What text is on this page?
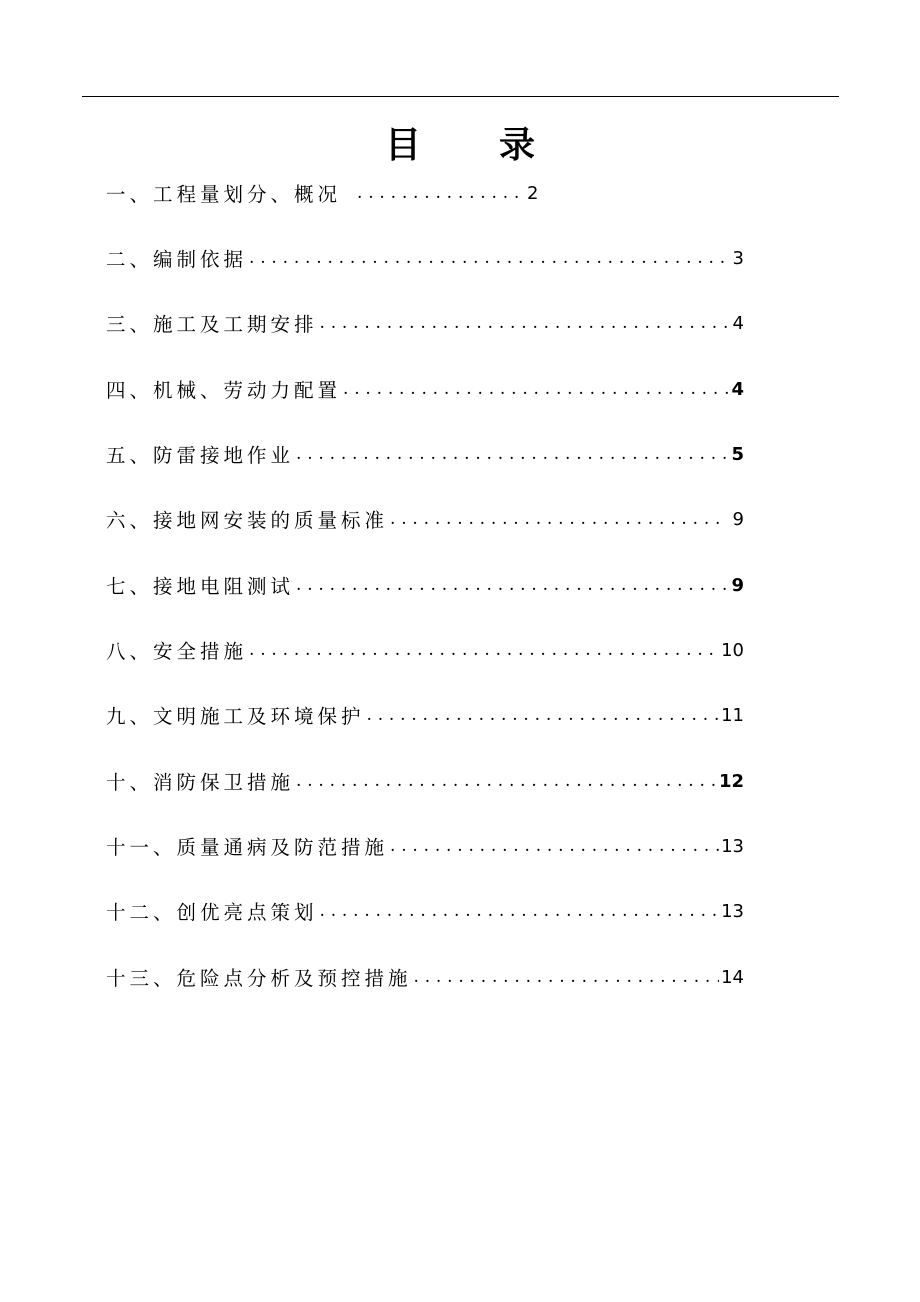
目 录
一、工程量划分、概况 . . .	2
二、编制依据 . . .	3
三、施工及工期安排 . . .	4
四、机械、劳动力配置 . . .	4
五、防雷接地作业 . . .	5
六、接地网安装的质量标准 . . .	9
七、接地电阻测试 . . .	9
八、安全措施 . . .	10
九、文明施工及环境保护 . . .	11
十、消防保卫措施 . . .	12
十一、质量通病及防范措施 . . .	13
十二、创优亮点策划 . . .	13
十三、危险点分析及预控措施 . . .	14
